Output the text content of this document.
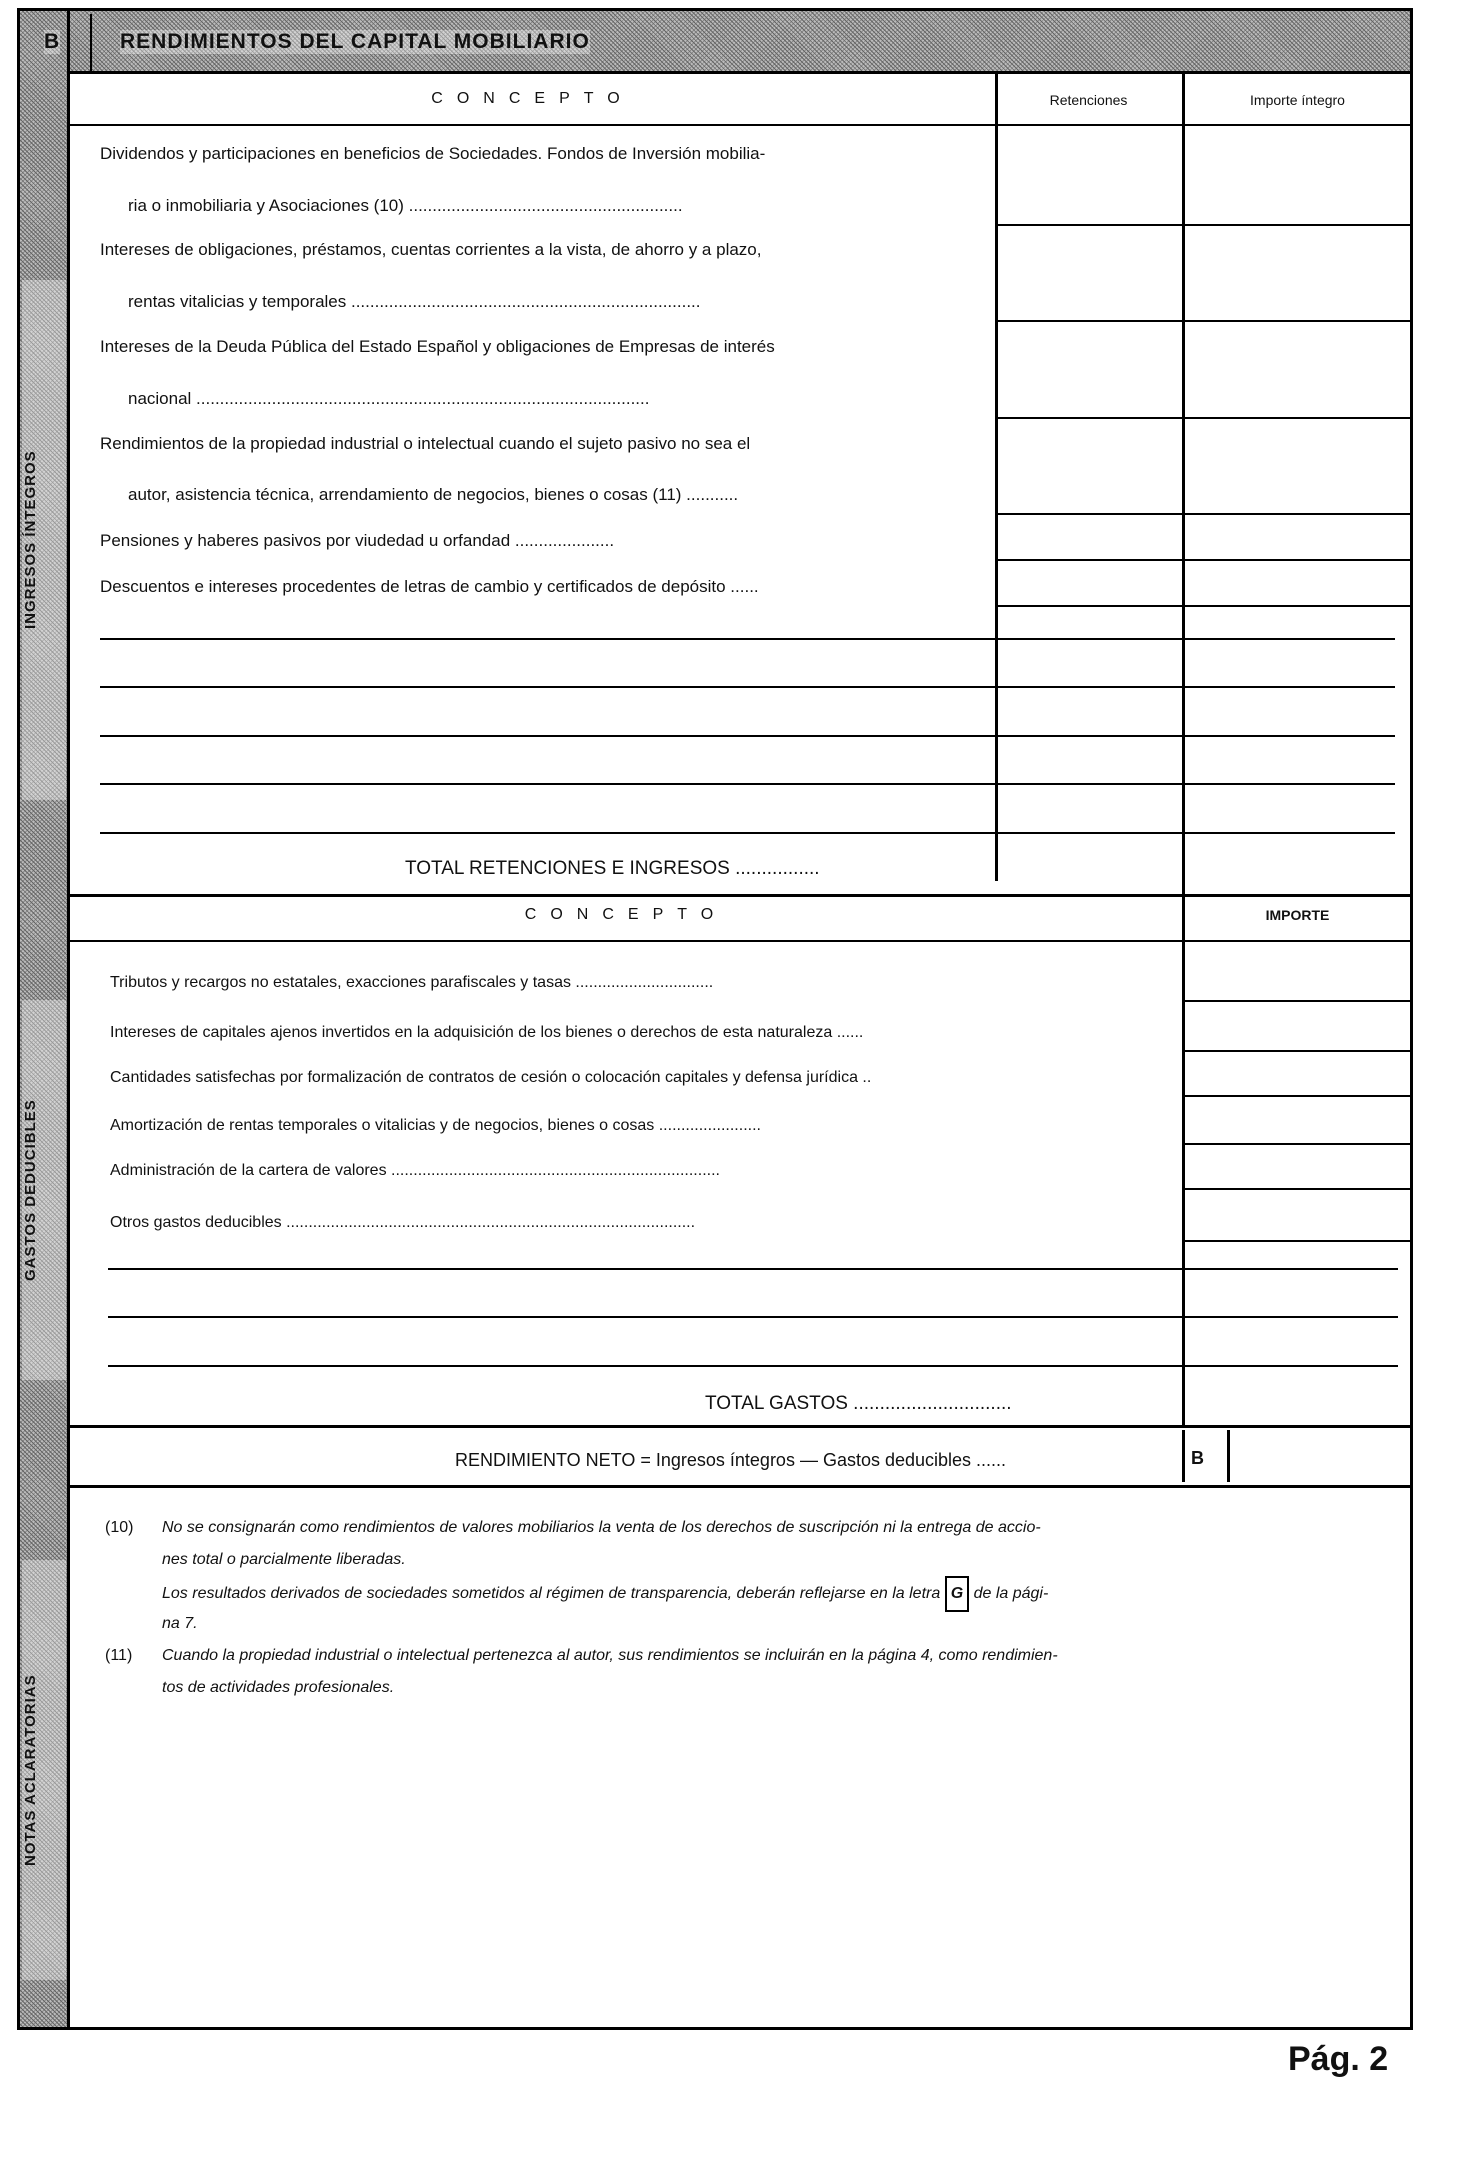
B	RENDIMIENTOS DEL CAPITAL MOBILIARIO
INGRESOS ÍNTEGROS
GASTOS DEDUCIBLES
NOTAS ACLARATORIAS
CONCEPTO	Retenciones	Importe íntegro
Dividendos y participaciones en beneficios de Sociedades. Fondos de Inversión mobilia-
ria o inmobiliaria y Asociaciones (10) ..........................................................
Intereses de obligaciones, préstamos, cuentas corrientes a la vista, de ahorro y a plazo,
rentas vitalicias y temporales ..........................................................................
Intereses de la Deuda Pública del Estado Español y obligaciones de Empresas de interés
nacional ................................................................................................
Rendimientos de la propiedad industrial o intelectual cuando el sujeto pasivo no sea el
autor, asistencia técnica, arrendamiento de negocios, bienes o cosas (11) ...........
Pensiones y haberes pasivos por viudedad u orfandad .....................
Descuentos e intereses procedentes de letras de cambio y certificados de depósito ......
TOTAL RETENCIONES E INGRESOS ................
CONCEPTO	IMPORTE
Tributos y recargos no estatales, exacciones parafiscales y tasas ...............................
Intereses de capitales ajenos invertidos en la adquisición de los bienes o derechos de esta naturaleza ......
Cantidades satisfechas por formalización de contratos de cesión o colocación capitales y defensa jurídica ..
Amortización de rentas temporales o vitalicias y de negocios, bienes o cosas .......................
Administración de la cartera de valores ..........................................................................
Otros gastos deducibles ............................................................................................
TOTAL GASTOS ..............................
RENDIMIENTO NETO = Ingresos íntegros — Gastos deducibles ......	B
(10) No se consignarán como rendimientos de valores mobiliarios la venta de los derechos de suscripción ni la entrega de accio-
nes total o parcialmente liberadas.
Los resultados derivados de sociedades sometidos al régimen de transparencia, deberán reflejarse en la letra G de la pági-
na 7.
(11) Cuando la propiedad industrial o intelectual pertenezca al autor, sus rendimientos se incluirán en la página 4, como rendimien-
tos de actividades profesionales.
Pág. 2
